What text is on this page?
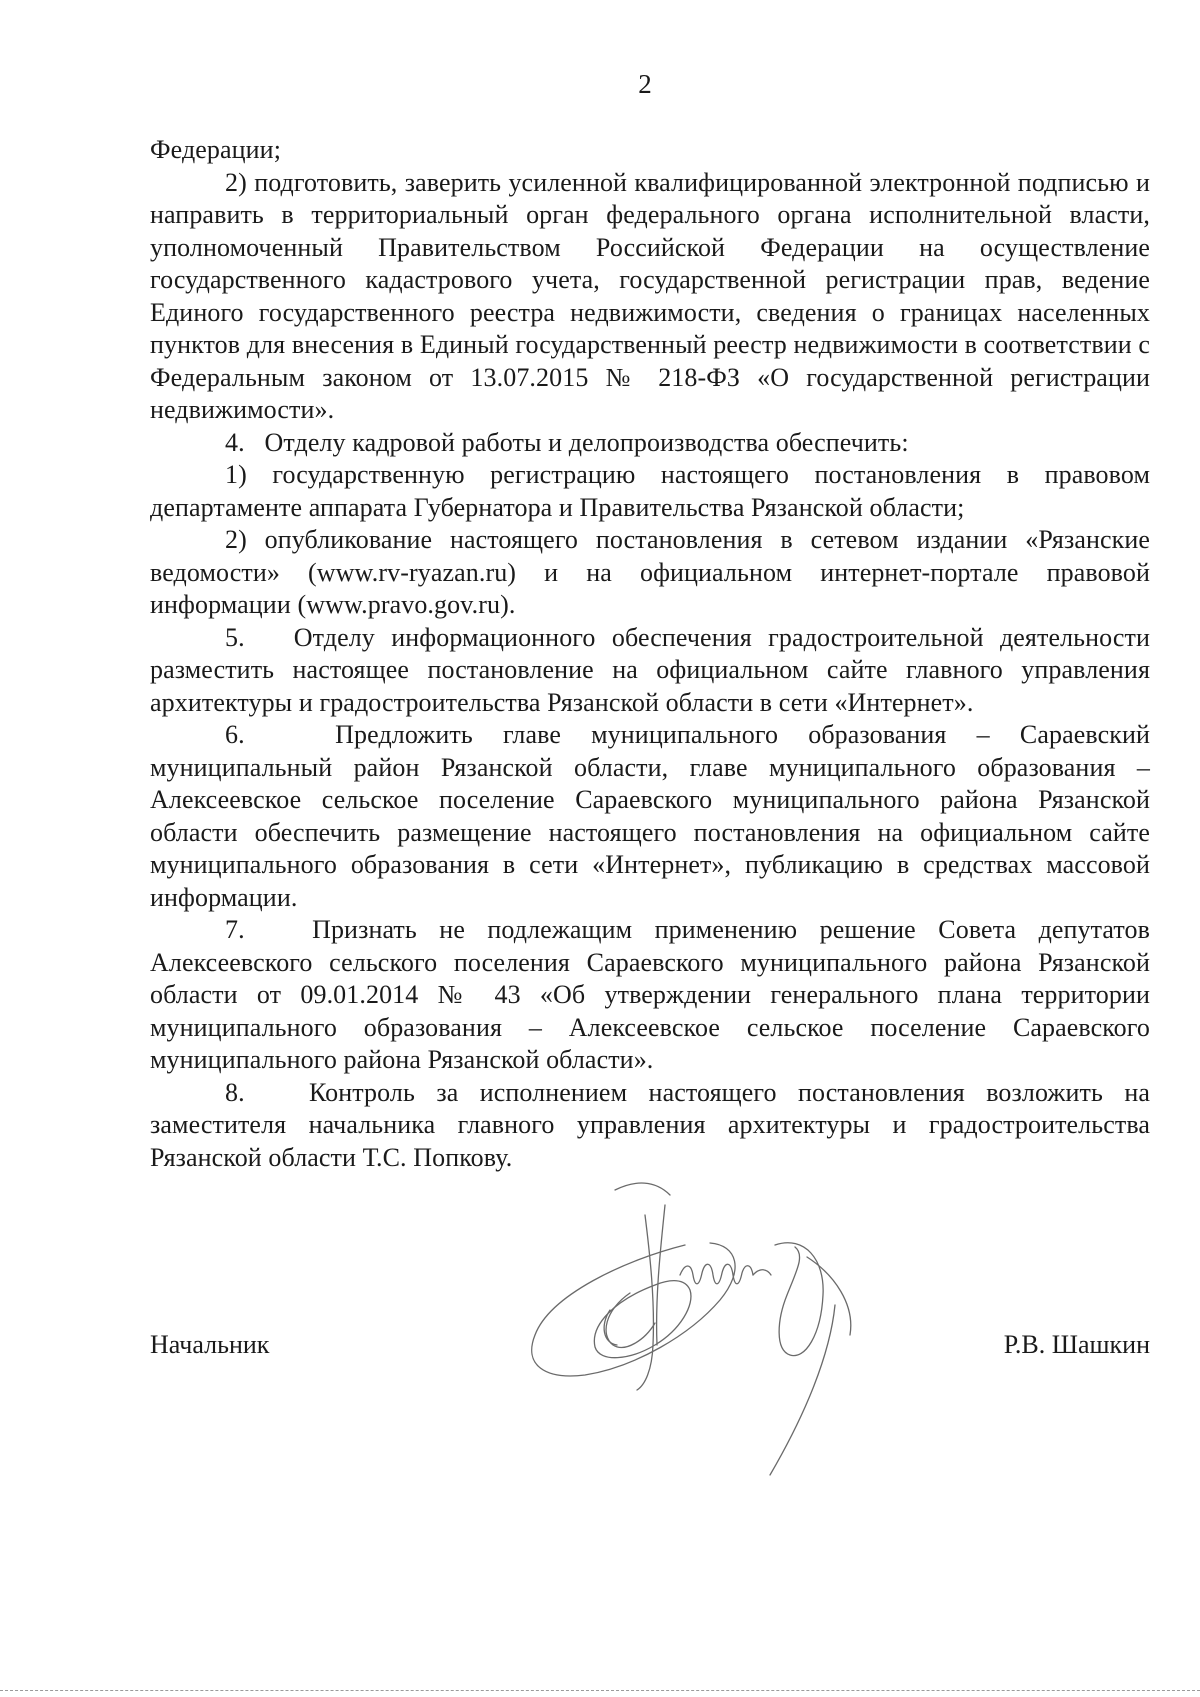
2

Федерации;

2) подготовить, заверить усиленной квалифицированной электронной подписью и направить в территориальный орган федерального органа исполнительной власти, уполномоченный Правительством Российской Федерации на осуществление государственного кадастрового учета, государственной регистрации прав, ведение Единого государственного реестра недвижимости, сведения о границах населенных пунктов для внесения в Единый государственный реестр недвижимости в соответствии с Федеральным законом от 13.07.2015 № 218-ФЗ «О государственной регистрации недвижимости».

4.   Отделу кадровой работы и делопроизводства обеспечить:

1) государственную регистрацию настоящего постановления в правовом департаменте аппарата Губернатора и Правительства Рязанской области;

2) опубликование настоящего постановления в сетевом издании «Рязанские ведомости» (www.rv-ryazan.ru) и на официальном интернет-портале правовой информации (www.pravo.gov.ru).

5.   Отделу информационного обеспечения градостроительной деятельности разместить настоящее постановление на официальном сайте главного управления архитектуры и градостроительства Рязанской области в сети «Интернет».

6.   Предложить главе муниципального образования – Сараевский муниципальный район Рязанской области, главе муниципального образования – Алексеевское сельское поселение Сараевского муниципального района Рязанской области обеспечить размещение настоящего постановления на официальном сайте муниципального образования в сети «Интернет», публикацию в средствах массовой информации.

7.   Признать не подлежащим применению решение Совета депутатов Алексеевского сельского поселения Сараевского муниципального района Рязанской области от 09.01.2014 № 43 «Об утверждении генерального плана территории муниципального образования – Алексеевское сельское поселение Сараевского муниципального района Рязанской области».

8.   Контроль за исполнением настоящего постановления возложить на заместителя начальника главного управления архитектуры и градостроительства Рязанской области Т.С. Попкову.

Начальник	Р.В. Шашкин
